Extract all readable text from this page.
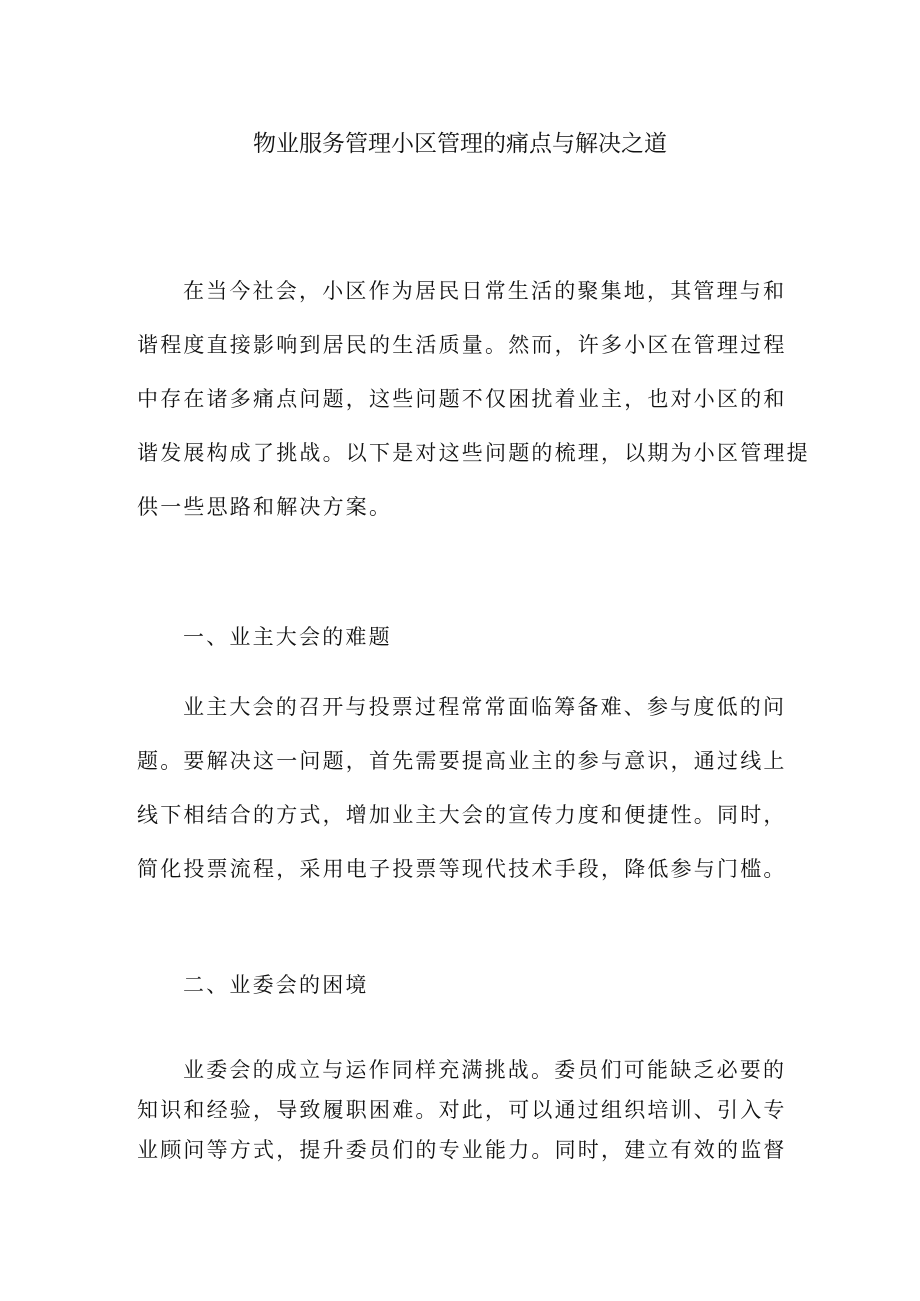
物业服务管理小区管理的痛点与解决之道
在当今社会，小区作为居民日常生活的聚集地，其管理与和
谐程度直接影响到居民的生活质量。然而，许多小区在管理过程
中存在诸多痛点问题，这些问题不仅困扰着业主，也对小区的和
谐发展构成了挑战。以下是对这些问题的梳理，以期为小区管理提
供一些思路和解决方案。
一、业主大会的难题
业主大会的召开与投票过程常常面临筹备难、参与度低的问
题。要解决这一问题，首先需要提高业主的参与意识，通过线上
线下相结合的方式，增加业主大会的宣传力度和便捷性。同时，
简化投票流程，采用电子投票等现代技术手段，降低参与门槛。
二、业委会的困境
业委会的成立与运作同样充满挑战。委员们可能缺乏必要的
知识和经验，导致履职困难。对此，可以通过组织培训、引入专
业顾问等方式，提升委员们的专业能力。同时，建立有效的监督
